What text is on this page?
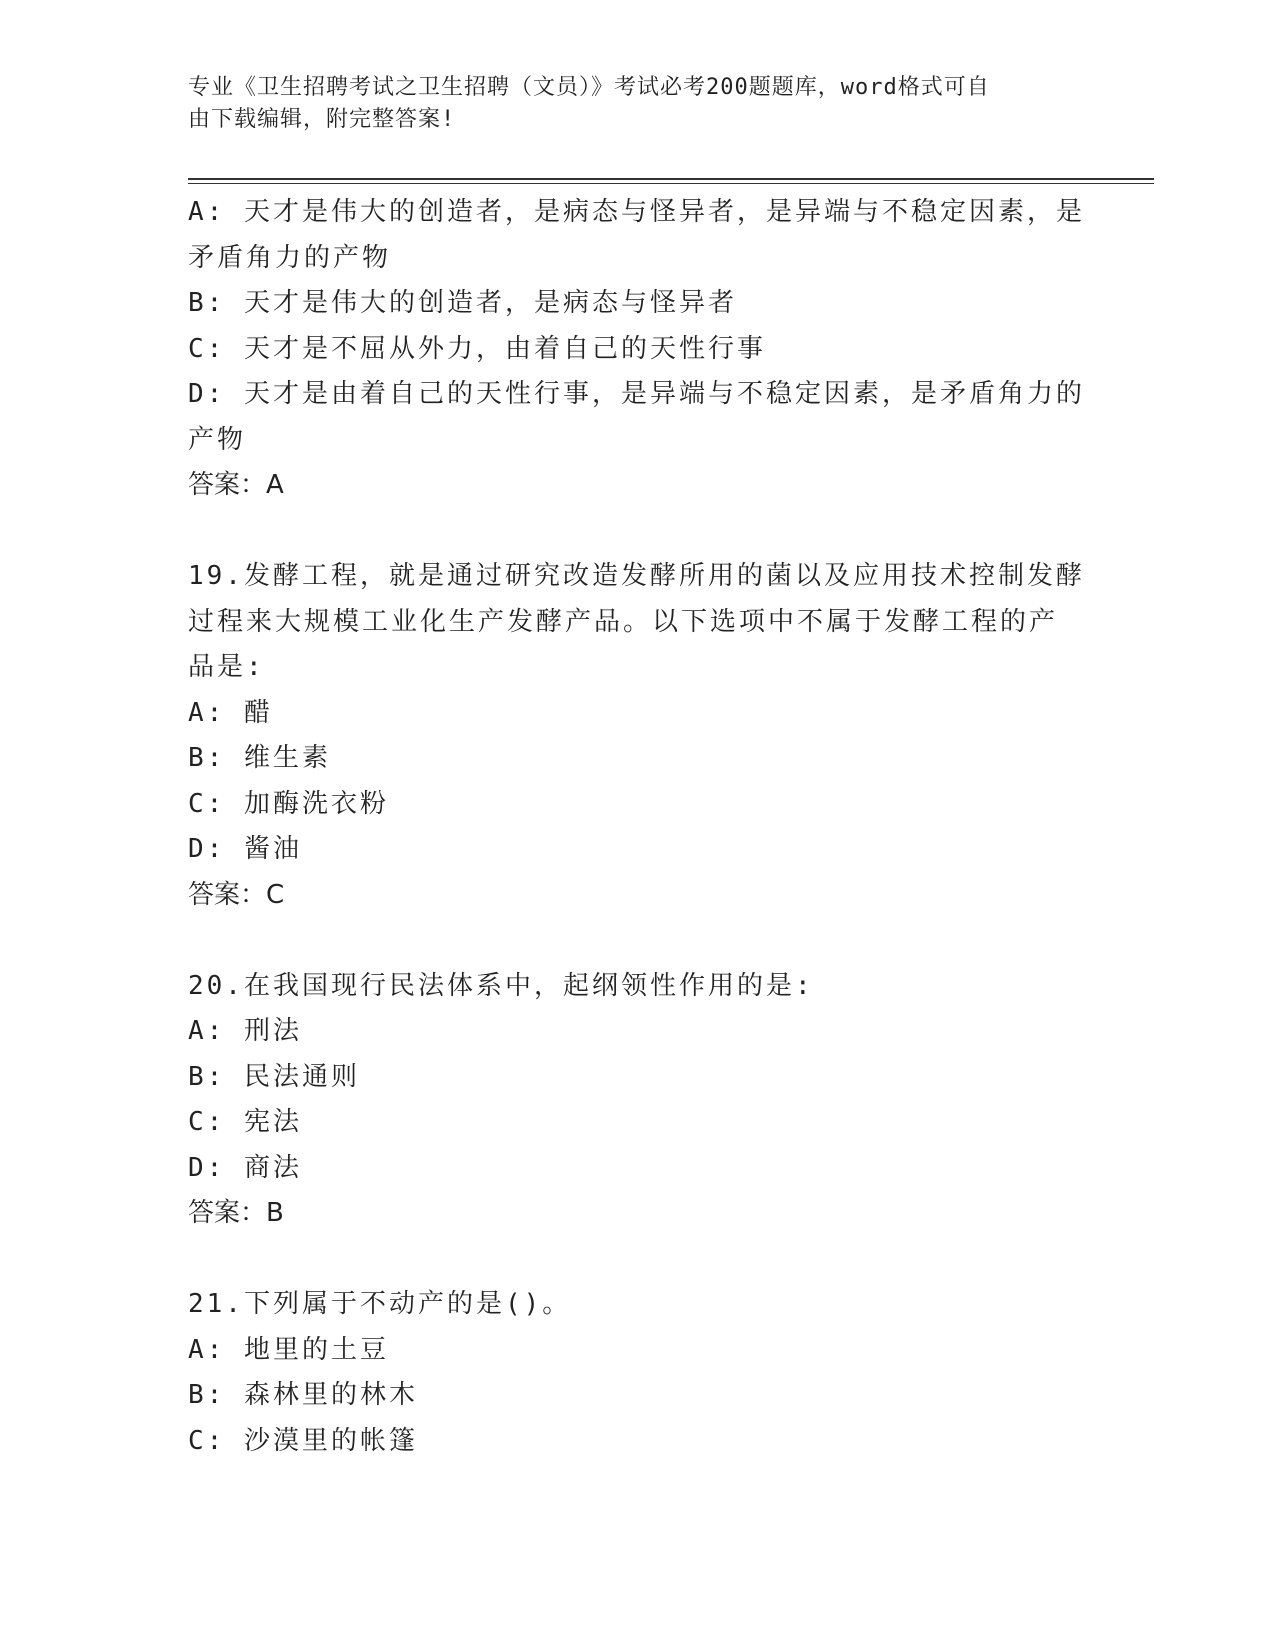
专业《卫生招聘考试之卫生招聘（文员）》考试必考200题题库，word格式可自
由下载编辑，附完整答案!
A: 天才是伟大的创造者，是病态与怪异者，是异端与不稳定因素，是
矛盾角力的产物
B: 天才是伟大的创造者，是病态与怪异者
C: 天才是不屈从外力，由着自己的天性行事
D: 天才是由着自己的天性行事，是异端与不稳定因素，是矛盾角力的
产物
答案：A
19.发酵工程，就是通过研究改造发酵所用的菌以及应用技术控制发酵
过程来大规模工业化生产发酵产品。以下选项中不属于发酵工程的产
品是:
A: 醋
B: 维生素
C: 加酶洗衣粉
D: 酱油
答案：C
20.在我国现行民法体系中，起纲领性作用的是:
A: 刑法
B: 民法通则
C: 宪法
D: 商法
答案：B
21.下列属于不动产的是()。
A: 地里的土豆
B: 森林里的林木
C: 沙漠里的帐篷
